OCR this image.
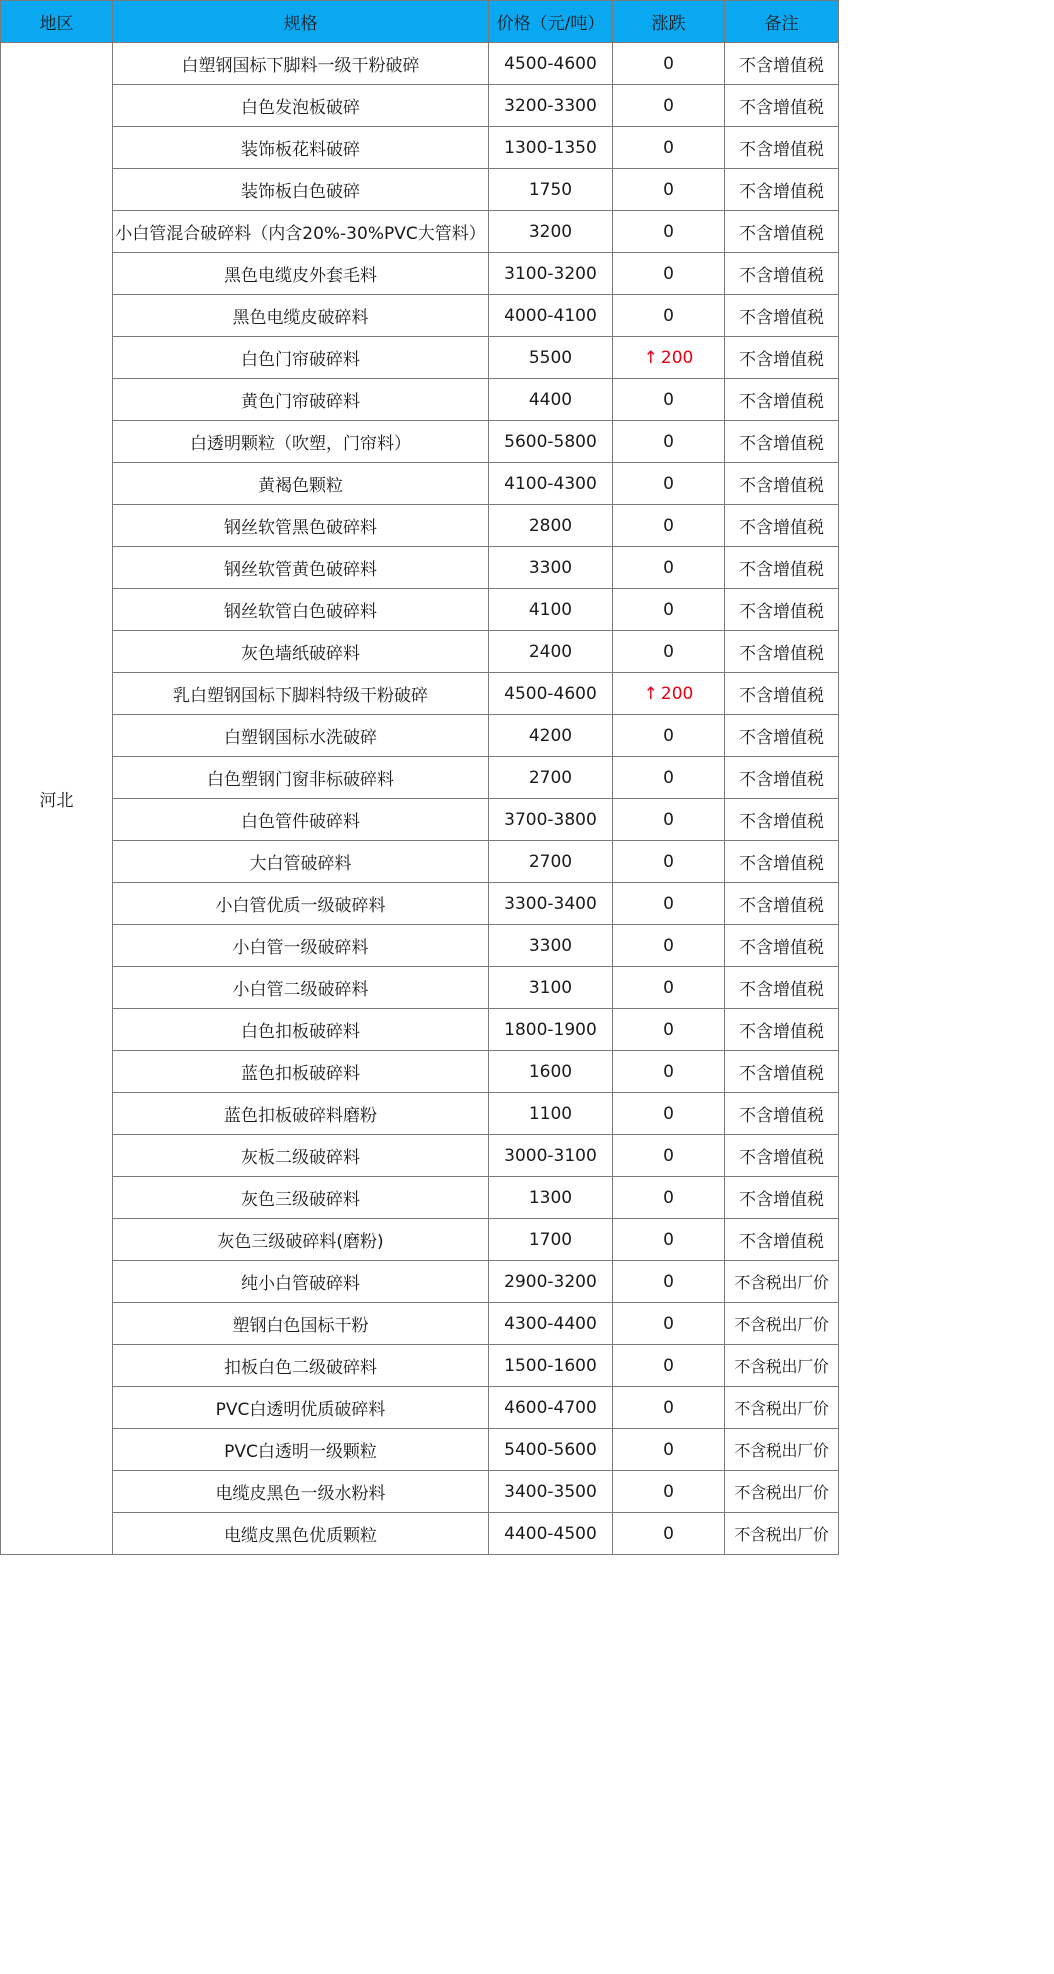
地区	规格	价格（元/吨）	涨跌	备注
河北	白塑钢国标下脚料一级干粉破碎	4500-4600	0	不含增值税
	白色发泡板破碎	3200-3300	0	不含增值税
	装饰板花料破碎	1300-1350	0	不含增值税
	装饰板白色破碎	1750	0	不含增值税
	小白管混合破碎料（内含20%-30%PVC大管料）	3200	0	不含增值税
	黑色电缆皮外套毛料	3100-3200	0	不含增值税
	黑色电缆皮破碎料	4000-4100	0	不含增值税
	白色门帘破碎料	5500	↑ 200	不含增值税
	黄色门帘破碎料	4400	0	不含增值税
	白透明颗粒（吹塑，门帘料）	5600-5800	0	不含增值税
	黄褐色颗粒	4100-4300	0	不含增值税
	钢丝软管黑色破碎料	2800	0	不含增值税
	钢丝软管黄色破碎料	3300	0	不含增值税
	钢丝软管白色破碎料	4100	0	不含增值税
	灰色墙纸破碎料	2400	0	不含增值税
	乳白塑钢国标下脚料特级干粉破碎	4500-4600	↑ 200	不含增值税
	白塑钢国标水洗破碎	4200	0	不含增值税
	白色塑钢门窗非标破碎料	2700	0	不含增值税
	白色管件破碎料	3700-3800	0	不含增值税
	大白管破碎料	2700	0	不含增值税
	小白管优质一级破碎料	3300-3400	0	不含增值税
	小白管一级破碎料	3300	0	不含增值税
	小白管二级破碎料	3100	0	不含增值税
	白色扣板破碎料	1800-1900	0	不含增值税
	蓝色扣板破碎料	1600	0	不含增值税
	蓝色扣板破碎料磨粉	1100	0	不含增值税
	灰板二级破碎料	3000-3100	0	不含增值税
	灰色三级破碎料	1300	0	不含增值税
	灰色三级破碎料(磨粉)	1700	0	不含增值税
	纯小白管破碎料	2900-3200	0	不含税出厂价
	塑钢白色国标干粉	4300-4400	0	不含税出厂价
	扣板白色二级破碎料	1500-1600	0	不含税出厂价
	PVC白透明优质破碎料	4600-4700	0	不含税出厂价
	PVC白透明一级颗粒	5400-5600	0	不含税出厂价
	电缆皮黑色一级水粉料	3400-3500	0	不含税出厂价
	电缆皮黑色优质颗粒	4400-4500	0	不含税出厂价
